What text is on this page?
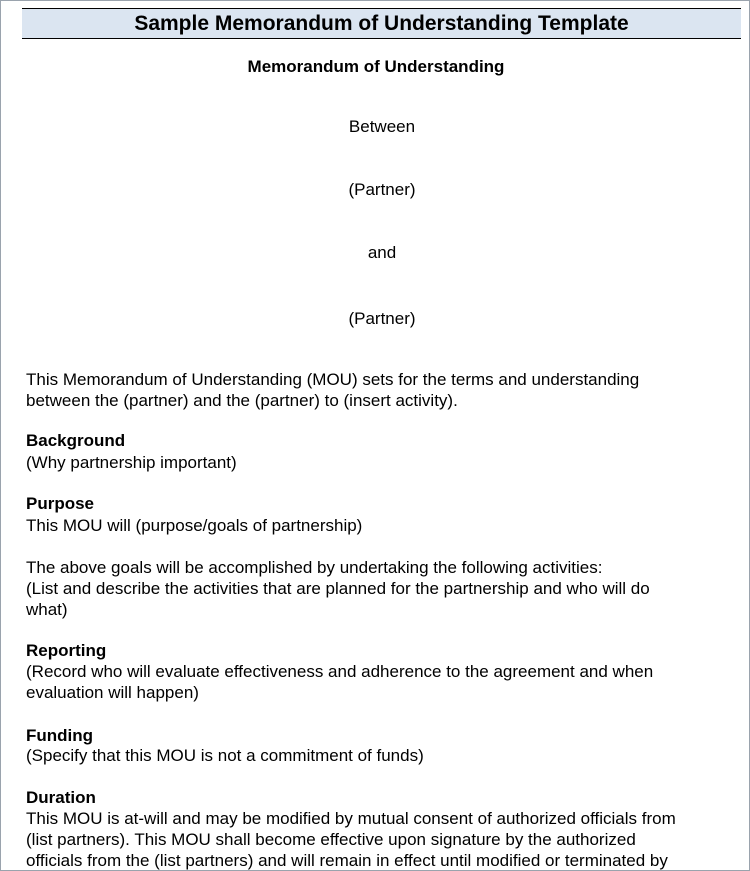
Sample Memorandum of Understanding Template
Memorandum of Understanding
Between
(Partner)
and
(Partner)
This Memorandum of Understanding (MOU) sets for the terms and understanding
between the (partner) and the (partner) to (insert activity).
Background
(Why partnership important)
Purpose
This MOU will (purpose/goals of partnership)
The above goals will be accomplished by undertaking the following activities:
(List and describe the activities that are planned for the partnership and who will do
what)
Reporting
(Record who will evaluate effectiveness and adherence to the agreement and when
evaluation will happen)
Funding
(Specify that this MOU is not a commitment of funds)
Duration
This MOU is at-will and may be modified by mutual consent of authorized officials from
(list partners). This MOU shall become effective upon signature by the authorized
officials from the (list partners) and will remain in effect until modified or terminated by
